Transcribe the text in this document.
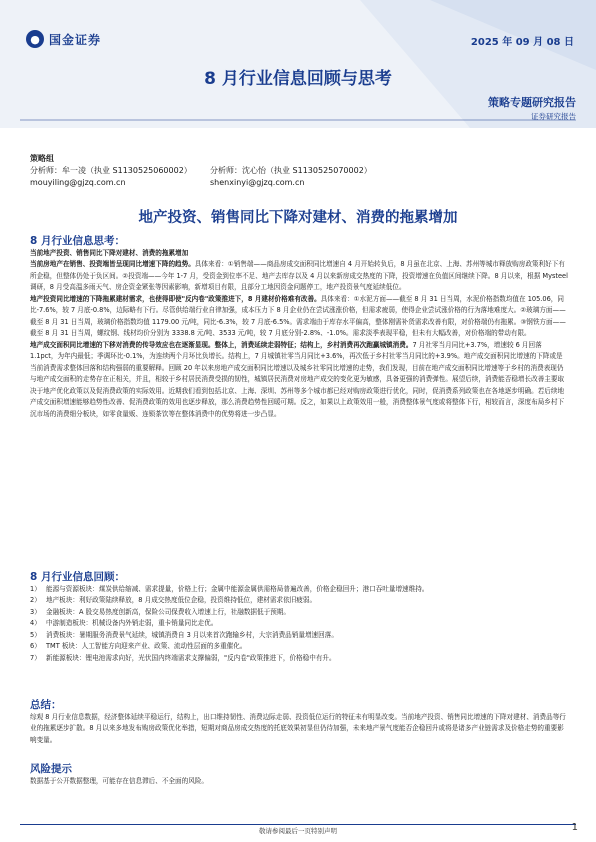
● 国金证券	2025 年 09 月 08 日
8 月行业信息回顾与思考
策略专题研究报告
证券研究报告
策略组
分析师：牟一凌（执业 S1130525060002）	分析师：沈心怡（执业 S1130525070002）
mouyiling@gjzq.com.cn	shenxinyi@gjzq.com.cn
地产投资、销售同比下降对建材、消费的拖累增加
8 月行业信息思考：

当前地产投资、销售同比下降对建材、消费的拖累增加

当前房地产在销售、投资端皆呈现同比增速下降的趋势。具体来看：①销售端——商品房成交面积同比增速自 4 月开始转负后，8 月虽在北京、上海、苏州等城市释放购房政策利好下有所企稳，但整体仍处于负区间。②投资端——今年 1-7 月，受资金到位率不足、地产去库存以及 4 月以来新房成交热度的下降，投资增速在负值区间继续下降。8 月以来，根据 Mysteel 调研，8 月受高温多雨天气、房企资金紧张等因素影响，新增项目有限，且部分工地因资金问题停工，地产投资景气度延续低位。

地产投资同比增速的下降拖累建材需求，也使得即使"反内卷"政策推进下，8 月建材价格难有改善。具体来看：①水泥方面——截至 8 月 31 日当周，水泥价格指数均值在 105.06，同比-7.6%，较 7 月底-0.8%，边际略有下行。尽管供给端行业自律加强，成本压力下 8 月企业仍在尝试涨涨价格，但需求疲弱，使得企业尝试涨价格的行为落地难度大。②玻璃方面——截至 8 月 31 日当周，玻璃价格指数均值 1179.00 元/吨，同比-6.3%，较 7 月底-6.5%。需求端由于库存水平偏高，整体刚需补货需求改善有限，对价格端仍有拖累。③钢铁方面——截至 8 月 31 日当周，螺纹钢、线材均价分别为 3338.8 元/吨、3533 元/吨，较 7 月底分别-2.8%、-1.0%。需求淡季表现平稳，但未有大幅改善，对价格端的带动有限。

地产成交面积同比增速的下移对消费的传导效应也在逐渐显现。整体上，消费延续走弱特征；结构上，乡村消费再次跑赢城镇消费。7 月社零当月同比+3.7%，增速较 6 月回落 1.1pct，为年内最低；季调环比-0.1%，为连续两个月环比负增长。结构上，7 月城镇社零当月同比+3.6%，再次低于乡村社零当月同比的+3.9%。地产成交面积同比增速的下降或是当前消费需求整体回落和结构强弱的重要解释。回顾 20 年以来房地产成交面积同比增速以及城乡社零同比增速的走势，我们发现，目前在地产成交面积同比增速等于乡村的消费表现仍与地产成交面积的走势存在正相关，并且，相较于乡村居民消费受损的韧性，城镇居民消费对房地产成交的变化更为敏感，具备更强的消费弹性。展望后续，消费能否稳增长改善主要取决于地产优化政策以及促消费政策的实际效用。近期我们看到包括北京、上海、深圳、苏州等多个城市都已经对购房政策进行优化，同时，促消费系列政策也在各地逐步明确。若后续地产成交面积增速能够趋势性改善、促消费政策的效用也逐步释放，那么消费趋势性回暖可期。反之，如果以上政策效用一般，消费整体景气度或将整体下行，相较而言，深度布局乡村下沉市场的消费细分板块，如零食量贩、连锁茶饮等在整体消费中的优势将进一步凸显。

8 月行业信息回顾：
1） 能源与资源板块：煤炭供给缩减、需求提量，价格上行；金属中能源金属供需格局普遍改善，价格企稳回升；港口吞吐量增速维持。
2） 地产板块：利好政策陆续释放，8 月成交热度低位企稳，投资维持低位，建材需求依旧疲弱。
3） 金融板块：A 股交易热度创新高，保险公司保费收入增速上行，社融数据低于预期。
4） 中游制造板块：机械设备内外销走弱，重卡销量同比走优。
5） 消费板块：暑期服务消费景气延续，城镇消费自 3 月以来首次跑输乡村，大宗消费品销量增速回落。
6） TMT 板块：人工智能方向迎来产业、政策、流动性层面的多重催化。
7） 新能源板块：锂电池需求向好，光伏国内终端需求支撑偏弱，"反内卷"政策推进下，价格稳中有升。
总结：

综观 8 月行业信息数据，经济整体延续平稳运行，结构上，出口维持韧性、消费边际走弱、投资低位运行的特征未有明显改变。当前地产投资、销售同比增速的下降对建材、消费品等行业的拖累逐步扩散。8 月以来多地发布购房政策优化举措，短期对商品房成交热度的托底效果初显但仍待加强，未来地产景气度能否企稳回升或将是诸多产业链需求及价格走势的重要影响变量。

风险提示

数据基于公开数据整理，可能存在信息滞后、不全面的风险。

敬请参阅最后一页特别声明	1
